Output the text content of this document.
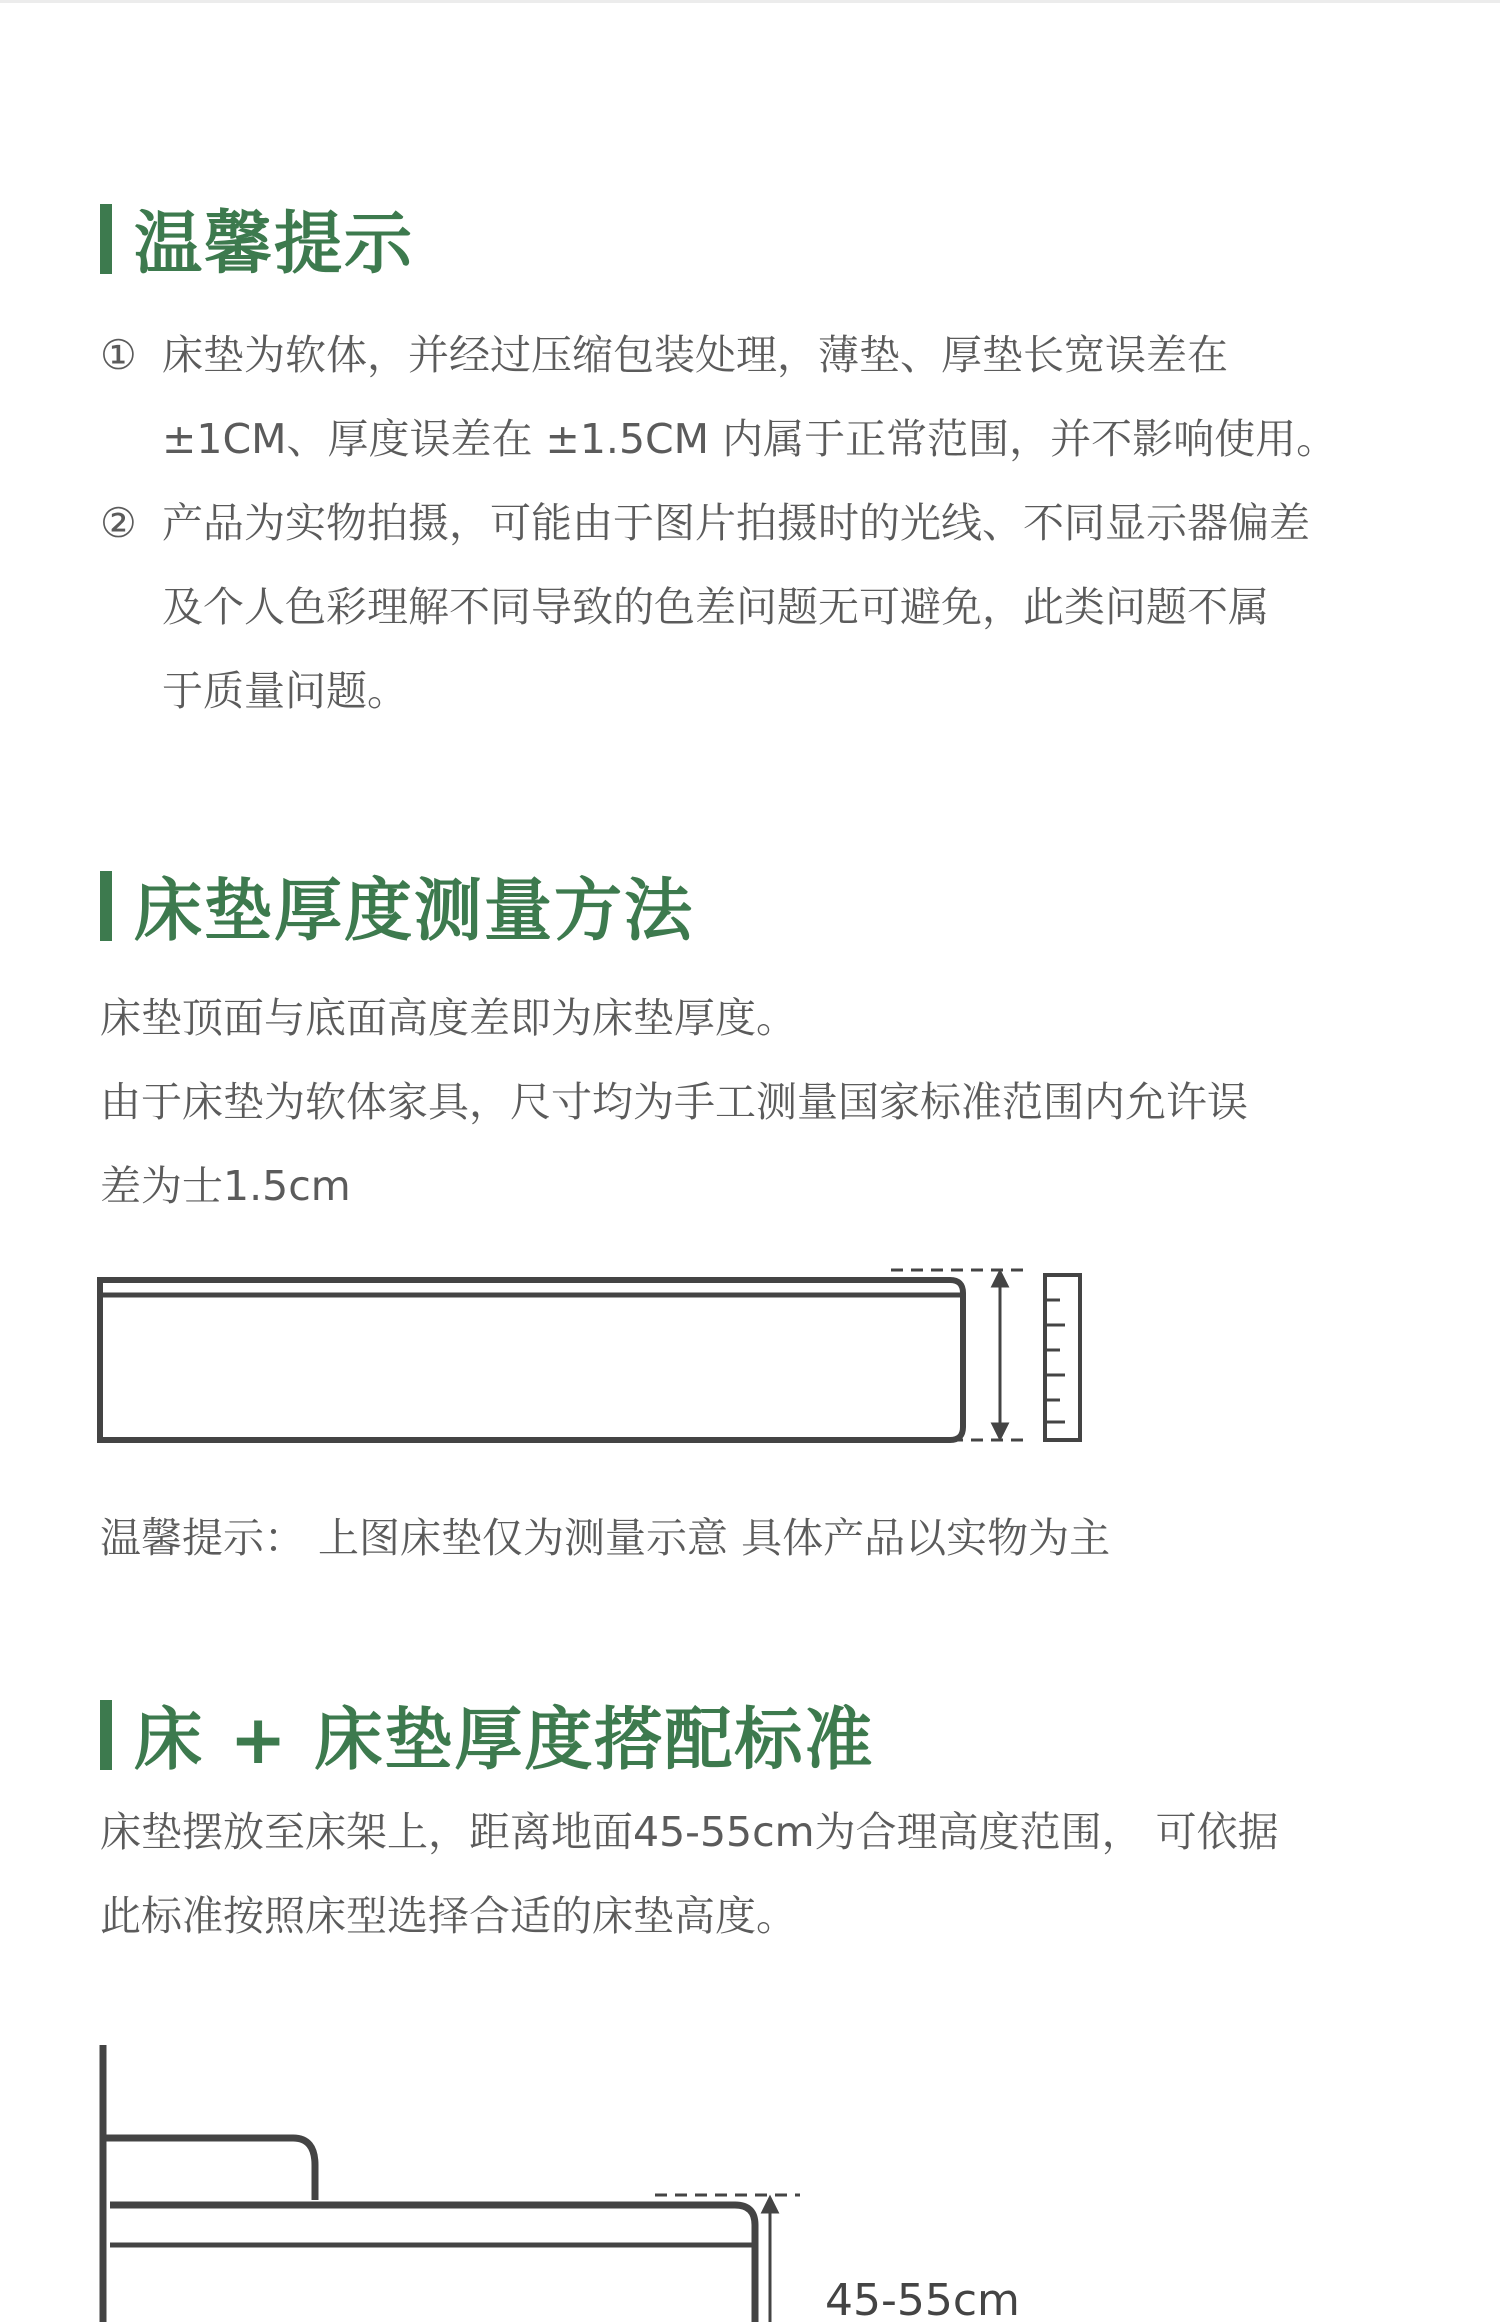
温馨提示
① 床垫为软体，并经过压缩包装处理，薄垫、厚垫长宽误差在
±1CM、厚度误差在 ±1.5CM 内属于正常范围，并不影响使用。
② 产品为实物拍摄，可能由于图片拍摄时的光线、不同显示器偏差
及个人色彩理解不同导致的色差问题无可避免，此类问题不属
于质量问题。
床垫厚度测量方法
床垫顶面与底面高度差即为床垫厚度。
由于床垫为软体家具，尺寸均为手工测量国家标准范围内允许误
差为士1.5cm
温馨提示： 上图床垫仅为测量示意 具体产品以实物为主
床 + 床垫厚度搭配标准
床垫摆放至床架上，距离地面45-55cm为合理高度范围， 可依据
此标准按照床型选择合适的床垫高度。
45-55cm
